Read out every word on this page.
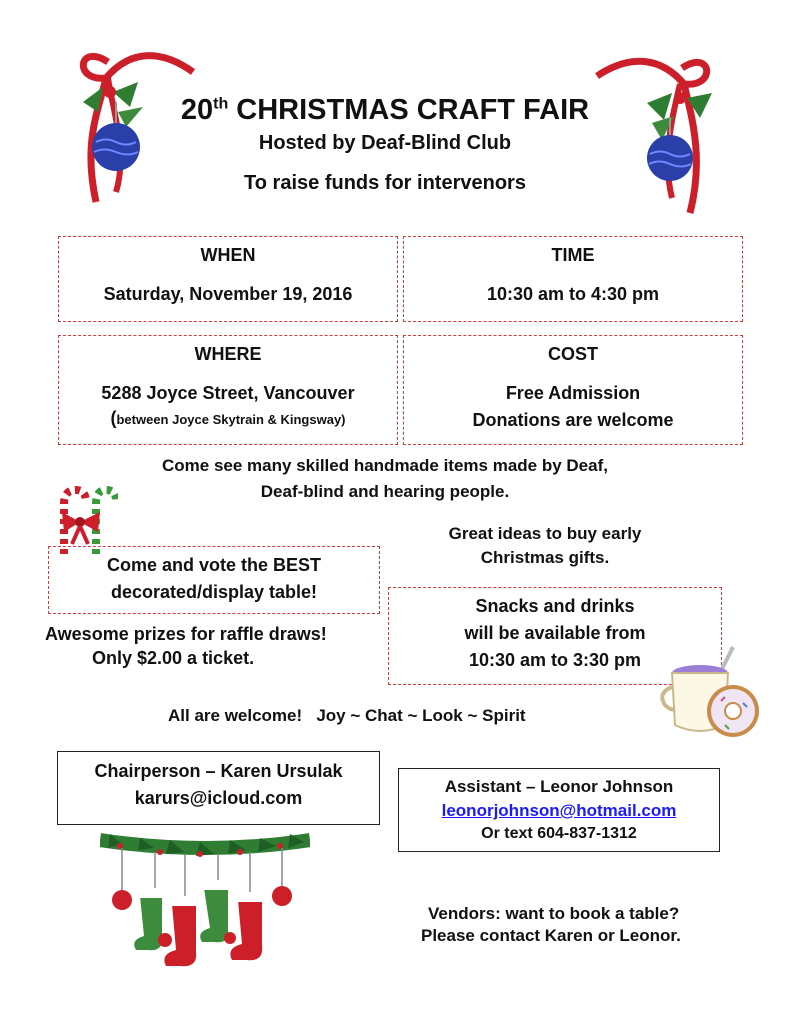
20th CHRISTMAS CRAFT FAIR
Hosted by Deaf-Blind Club
To raise funds for intervenors
WHEN
Saturday, November 19, 2016
TIME
10:30 am to 4:30 pm
WHERE
5288 Joyce Street, Vancouver
(between Joyce Skytrain & Kingsway)
COST
Free Admission
Donations are welcome
Come see many skilled handmade items made by Deaf,
Deaf-blind and hearing people.
Come and vote the BEST
decorated/display table!
Great ideas to buy early
Christmas gifts.
Snacks and drinks
will be available from
10:30 am to 3:30 pm
Awesome prizes for raffle draws!
Only $2.00 a ticket.
All are welcome!   Joy ~ Chat ~ Look ~ Spirit
Chairperson – Karen Ursulak
karurs@icloud.com
Assistant – Leonor Johnson
leonorjohnson@hotmail.com
Or text 604-837-1312
Vendors: want to book a table?
Please contact Karen or Leonor.
